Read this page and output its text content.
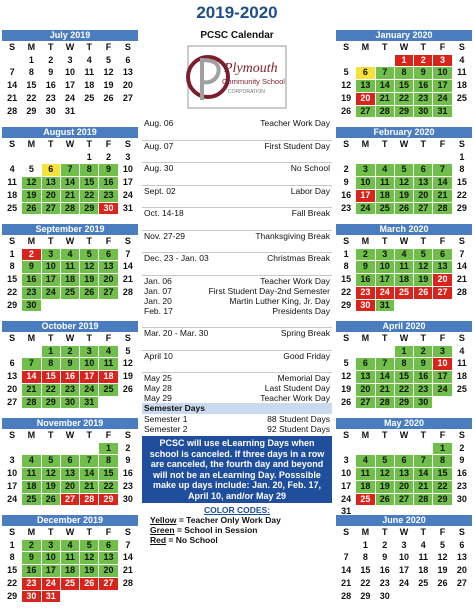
2019-2020
July 2019
S	M	T	W	T	F	S
	1	2	3	4	5	6
7	8	9	10	11	12	13
14	15	16	17	18	19	20
21	22	23	24	25	26	27
28	29	30	31			

August 2019
S	M	T	W	T	F	S
				1	2	3
4	5	6	7	8	9	10
11	12	13	14	15	16	17
18	19	20	21	22	23	24
25	26	27	28	29	30	31

September 2019
S	M	T	W	T	F	S
1	2	3	4	5	6	7
8	9	10	11	12	13	14
15	16	17	18	19	20	21
22	23	24	25	26	27	28
29	30					

October 2019
S	M	T	W	T	F	S
		1	2	3	4	5
6	7	8	9	10	11	12
13	14	15	16	17	18	19
20	21	22	23	24	25	26
27	28	29	30	31		

November 2019
S	M	T	W	T	F	S
					1	2
3	4	5	6	7	8	9
10	11	12	13	14	15	16
17	18	19	20	21	22	23
24	25	26	27	28	29	30

December 2019
S	M	T	W	T	F	S
1	2	3	4	5	6	7
8	9	10	11	12	13	14
15	16	17	18	19	20	21
22	23	24	25	26	27	28
29	30	31				

January 2020
S	M	T	W	T	F	S
			1	2	3	4
5	6	7	8	9	10	11
12	13	14	15	16	17	18
19	20	21	22	23	24	25
26	27	28	29	30	31	

February 2020
S	M	T	W	T	F	S
						1
2	3	4	5	6	7	8
9	10	11	12	13	14	15
16	17	18	19	20	21	22
23	24	25	26	27	28	29

March 2020
S	M	T	W	T	F	S
1	2	3	4	5	6	7
8	9	10	11	12	13	14
15	16	17	18	19	20	21
22	23	24	25	26	27	28
29	30	31				

April 2020
S	M	T	W	T	F	S
			1	2	3	4
5	6	7	8	9	10	11
12	13	14	15	16	17	18
19	20	21	22	23	24	25
26	27	28	29	30		

May 2020
S	M	T	W	T	F	S
					1	2
3	4	5	6	7	8	9
10	11	12	13	14	15	16
17	18	19	20	21	22	23
24	25	26	27	28	29	30
31						
June 2020
S	M	T	W	T	F	S
	1	2	3	4	5	6
7	8	9	10	11	12	13
14	15	16	17	18	19	20
21	22	23	24	25	26	27
28	29	30				

PCSC Calendar
Plymouth
Community School
CORPORATION
Aug. 06	Teacher Work Day
Aug. 07	First Student Day
Aug. 30	No School
Sept. 02	Labor Day
Oct. 14-18	Fall Break
Nov. 27-29	Thanksgiving Break
Dec. 23 - Jan. 03	Christmas Break
Jan. 06	Teacher Work Day
Jan. 07	First Student Day-2nd Semester
Jan. 20	Martin Luther King, Jr. Day
Feb. 17	Presidents Day
Mar. 20 - Mar. 30	Spring Break
April 10	Good Friday
May 25	Memorial Day
May 28	Last Student Day
May 29	Teacher Work Day
Semester Days
Semester 1	88 Student Days
Semester 2	92 Student Days
PCSC will use eLearning Days when school is canceled. If three days in a row are canceled, the fourth day and beyond will not be an eLearning Day. Posssible make up days include: Jan. 20, Feb. 17, April 10, and/or May 29
COLOR CODES:
Yellow = Teacher Only Work Day
Green = School in Session
Red = No School
